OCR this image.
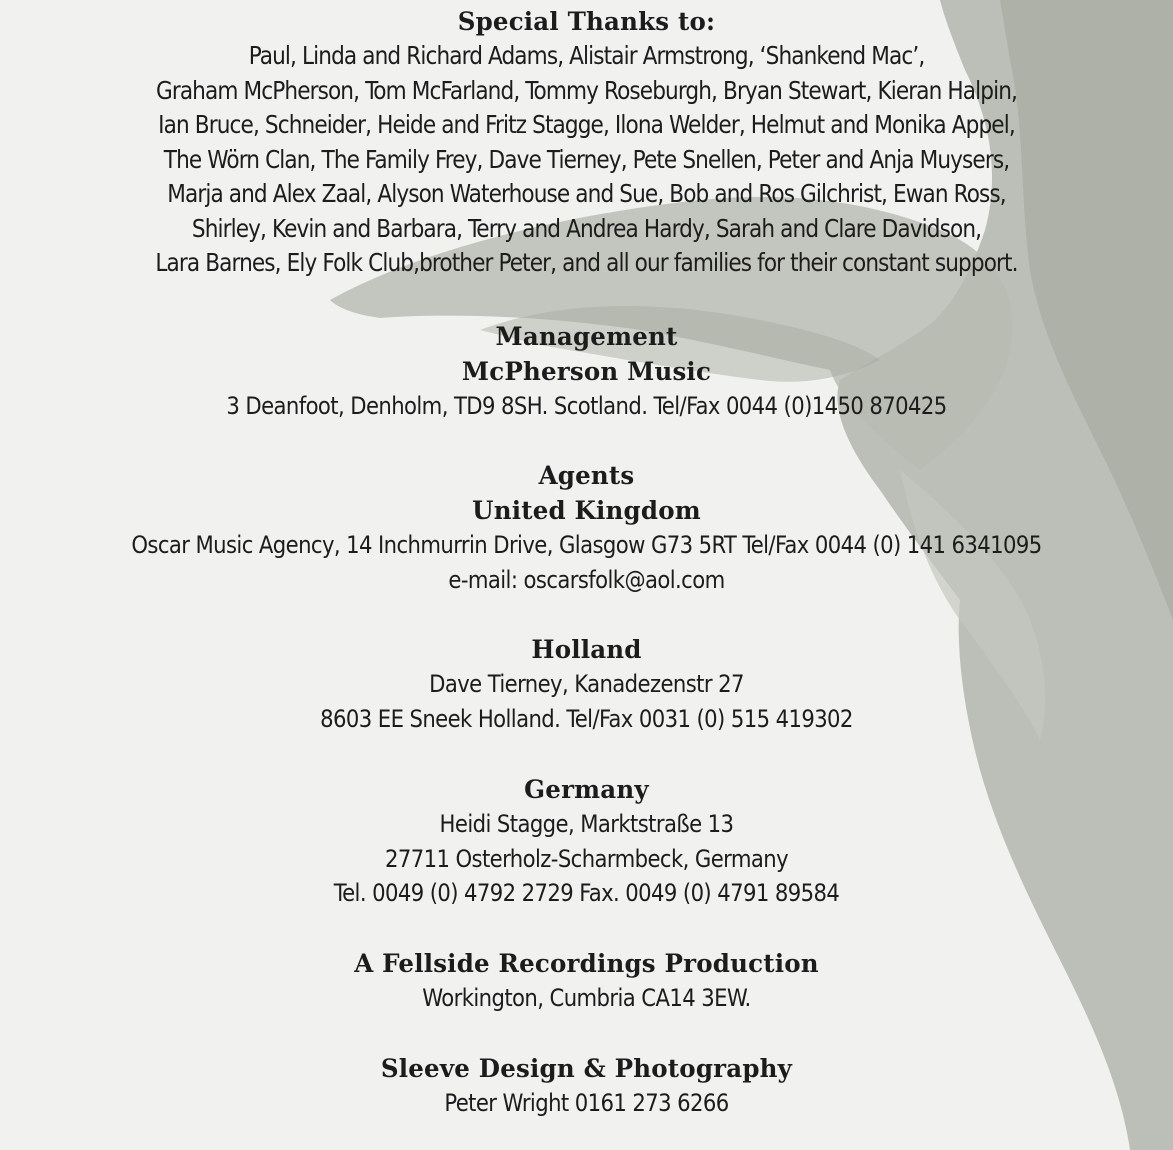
Special Thanks to:
Paul, Linda and Richard Adams, Alistair Armstrong, ‘Shankend Mac’,
Graham McPherson, Tom McFarland, Tommy Roseburgh, Bryan Stewart, Kieran Halpin,
Ian Bruce, Schneider, Heide and Fritz Stagge, Ilona Welder, Helmut and Monika Appel,
The Wörn Clan, The Family Frey, Dave Tierney, Pete Snellen, Peter and Anja Muysers,
Marja and Alex Zaal, Alyson Waterhouse and Sue, Bob and Ros Gilchrist, Ewan Ross,
Shirley, Kevin and Barbara, Terry and Andrea Hardy, Sarah and Clare Davidson,
Lara Barnes, Ely Folk Club,brother Peter, and all our families for their constant support.
Management
McPherson Music
3 Deanfoot, Denholm, TD9 8SH. Scotland. Tel/Fax 0044 (0)1450 870425
Agents
United Kingdom
Oscar Music Agency, 14 Inchmurrin Drive, Glasgow G73 5RT Tel/Fax 0044 (0) 141 6341095
e-mail: oscarsfolk@aol.com
Holland
Dave Tierney, Kanadezenstr 27
8603 EE Sneek Holland. Tel/Fax 0031 (0) 515 419302
Germany
Heidi Stagge, Marktstraße 13
27711 Osterholz-Scharmbeck, Germany
Tel. 0049 (0) 4792 2729 Fax. 0049 (0) 4791 89584
A Fellside Recordings Production
Workington, Cumbria CA14 3EW.
Sleeve Design & Photography
Peter Wright 0161 273 6266
